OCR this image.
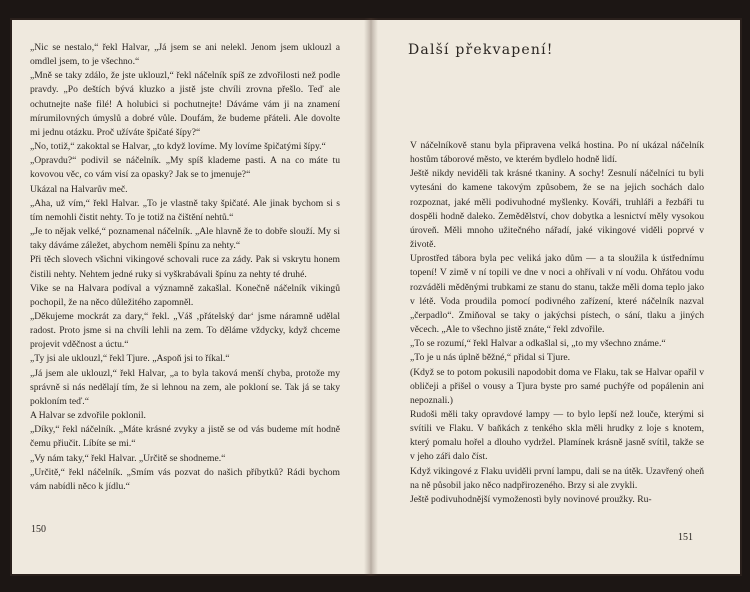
„Nic se nestalo,“ řekl Halvar, „Já jsem se ani nelekl. Jenom jsem uklouzl a omdlel jsem, to je všechno.“

„Mně se taky zdálo, že jste uklouzl,“ řekl náčelník spíš ze zdvořilosti než podle pravdy. „Po deštích bývá kluzko a jistě jste chvíli zrovna přešlo. Teď ale ochutnejte naše filé! A holubici si pochutnejte! Dáváme vám ji na znamení mírumilovných úmyslů a dobré vůle. Doufám, že budeme přáteli. Ale dovolte mi jednu otázku. Proč užíváte špičaté šípy?“

„No, totiž,“ zakoktal se Halvar, „to když lovíme. My lovíme špičatými šípy.“

„Opravdu?“ podivil se náčelník. „My spíš klademe pasti. A na co máte tu kovovou věc, co vám visí za opasky? Jak se to jmenuje?“

Ukázal na Halvarův meč.

„Aha, už vím,“ řekl Halvar. „To je vlastně taky špičaté. Ale jinak bychom si s tím nemohli čistit nehty. To je totiž na čištění nehtů.“

„Je to nějak velké,“ poznamenal náčelník. „Ale hlavně že to dobře slouží. My si taky dáváme záležet, abychom neměli špínu za nehty.“

Při těch slovech všichni vikingové schovali ruce za zády. Pak si vskrytu honem čistili nehty. Nehtem jedné ruky si vyškrabávali špínu za nehty té druhé.

Vike se na Halvara podíval a významně zakašlal. Konečně náčelník vikingů pochopil, že na něco důležitého zapomněl.

„Děkujeme mockrát za dary,“ řekl. „Váš ‚přátelský dar‘ jsme náramně udělal radost. Proto jsme si na chvíli lehli na zem. To děláme vždycky, když chceme projevit vděčnost a úctu.“

„Ty jsi ale uklouzl,“ řekl Tjure. „Aspoň jsi to říkal.“

„Já jsem ale uklouzl,“ řekl Halvar, „a to byla taková menší chyba, protože my správně si nás nedělají tím, že si lehnou na zem, ale pokloní se. Tak já se taky pokloním teď.“

A Halvar se zdvořile poklonil.

„Díky,“ řekl náčelník. „Máte krásné zvyky a jistě se od vás budeme mít hodně čemu přiučit. Líbíte se mi.“

„Vy nám taky,“ řekl Halvar. „Určitě se shodneme.“

„Určitě,“ řekl náčelník. „Smím vás pozvat do našich příbytků? Rádi bychom vám nabídli něco k jídlu.“

150
Další překvapení!

V náčelníkově stanu byla připravena velká hostina. Po ní ukázal náčelník hostům táborové město, ve kterém bydlelo hodně lidí.

Ještě nikdy neviděli tak krásné tkaniny. A sochy! Zesnulí náčelníci tu byli vytesáni do kamene takovým způsobem, že se na jejich sochách dalo rozpoznat, jaké měli podivuhodné myšlenky. Kováři, truhláři a řezbáři tu dospěli hodně daleko. Zemědělství, chov dobytka a lesnictví měly vysokou úroveň. Měli mnoho užitečného nářadí, jaké vikingové viděli poprvé v životě.

Uprostřed tábora byla pec veliká jako dům — a ta sloužila k ústřednímu topení! V zimě v ní topili ve dne v noci a ohřívali v ní vodu. Ohřátou vodu rozváděli měděnými trubkami ze stanu do stanu, takže měli doma teplo jako v létě. Voda proudila pomocí podivného zařízení, které náčelník nazval „čerpadlo“. Zmiňoval se taky o jakýchsi pístech, o sání, tlaku a jiných věcech. „Ale to všechno jistě znáte,“ řekl zdvořile.

„To se rozumí,“ řekl Halvar a odkašlal si, „to my všechno známe.“

„To je u nás úplně běžné,“ přidal si Tjure.

(Když se to potom pokusili napodobit doma ve Flaku, tak se Halvar opařil v obličeji a přišel o vousy a Tjura byste pro samé puchýře od popálenin ani nepoznali.)

Rudoši měli taky opravdové lampy — to bylo lepší než louče, kterými si svítili ve Flaku. V baňkách z tenkého skla měli hrudky z loje s knotem, který pomalu hořel a dlouho vydržel. Plamínek krásně jasně svítil, takže se v jeho záři dalo číst.

Když vikingové z Flaku uviděli první lampu, dali se na útěk. Uzavřený oheň na ně působil jako něco nadpřirozeného. Brzy si ale zvykli.

Ještě podivuhodnější vymoženostì byly novinové proužky. Ru-

151
